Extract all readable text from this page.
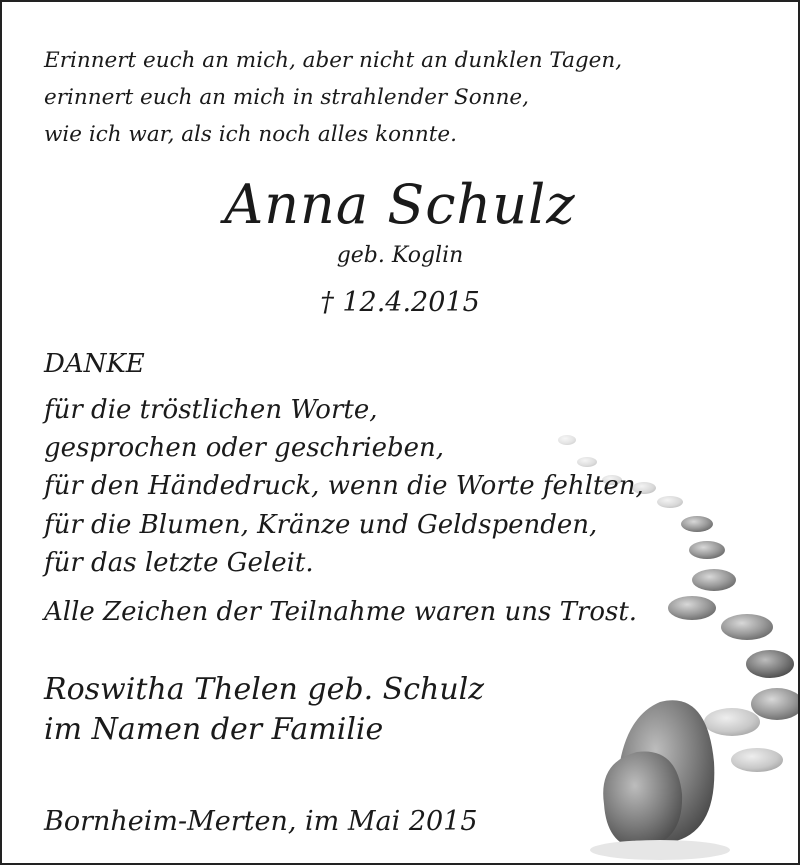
Erinnert euch an mich, aber nicht an dunklen Tagen,
erinnert euch an mich in strahlender Sonne,
wie ich war, als ich noch alles konnte.
Anna Schulz
geb. Koglin
† 12.4.2015
DANKE
für die tröstlichen Worte,
gesprochen oder geschrieben,
für den Händedruck, wenn die Worte fehlten,
für die Blumen, Kränze und Geldspenden,
für das letzte Geleit.
Alle Zeichen der Teilnahme waren uns Trost.
Roswitha Thelen geb. Schulz
im Namen der Familie
Bornheim-Merten, im Mai 2015
